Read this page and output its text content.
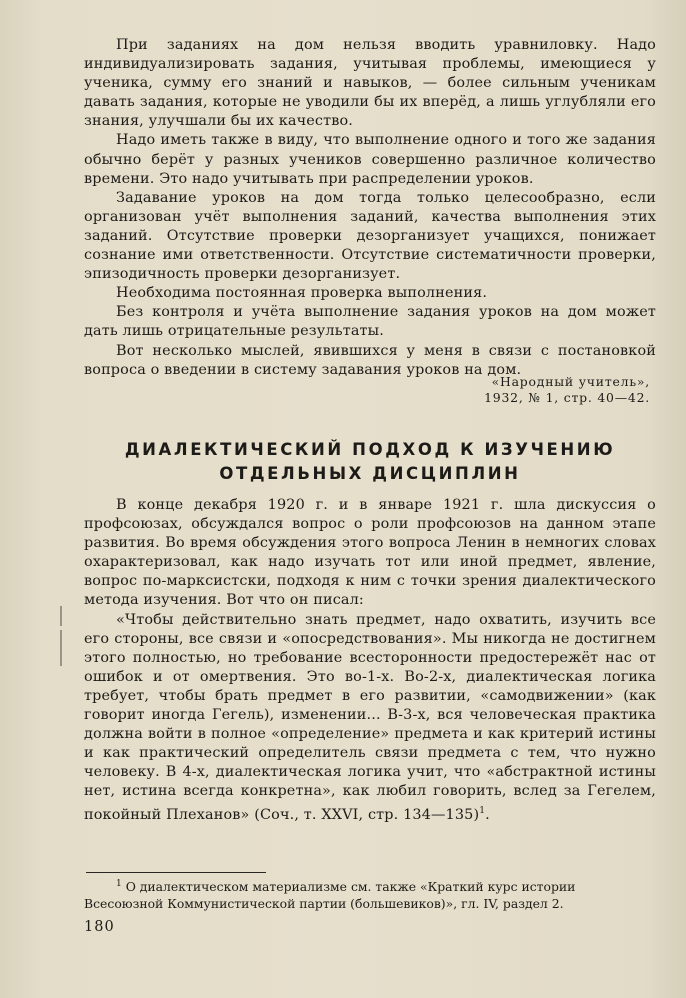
При заданиях на дом нельзя вводить уравниловку. Надо индивидуализировать задания, учитывая проблемы, имеющиеся у ученика, сумму его знаний и навыков, — более сильным ученикам давать задания, которые не уводили бы их вперёд, а лишь углубляли его знания, улучшали бы их качество.

Надо иметь также в виду, что выполнение одного и того же задания обычно берёт у разных учеников совершенно различное количество времени. Это надо учитывать при распределении уроков.

Задавание уроков на дом тогда только целесообразно, если организован учёт выполнения заданий, качества выполнения этих заданий. Отсутствие проверки дезорганизует учащихся, понижает сознание ими ответственности. Отсутствие систематичности проверки, эпизодичность проверки дезорганизует.

Необходима постоянная проверка выполнения.

Без контроля и учёта выполнение задания уроков на дом может дать лишь отрицательные результаты.

Вот несколько мыслей, явившихся у меня в связи с постановкой вопроса о введении в систему задавания уроков на дом.

«Народный учитель»,
1932, № 1, стр. 40—42.
ДИАЛЕКТИЧЕСКИЙ ПОДХОД К ИЗУЧЕНИЮ
ОТДЕЛЬНЫХ ДИСЦИПЛИН

В конце декабря 1920 г. и в январе 1921 г. шла дискуссия о профсоюзах, обсуждался вопрос о роли профсоюзов на данном этапе развития. Во время обсуждения этого вопроса Ленин в немногих словах охарактеризовал, как надо изучать тот или иной предмет, явление, вопрос по-марксистски, подходя к ним с точки зрения диалектического метода изучения. Вот что он писал:

«Чтобы действительно знать предмет, надо охватить, изучить все его стороны, все связи и «опосредствования». Мы никогда не достигнем этого полностью, но требование всесторонности предостережёт нас от ошибок и от омертвения. Это во-1-х. Во-2-х, диалектическая логика требует, чтобы брать предмет в его развитии, «самодвижении» (как говорит иногда Гегель), изменении... В-3-х, вся человеческая практика должна войти в полное «определение» предмета и как критерий истины и как практический определитель связи предмета с тем, что нужно человеку. В 4-х, диалектическая логика учит, что «абстрактной истины нет, истина всегда конкретна», как любил говорить, вслед за Гегелем, покойный Плеханов» (Соч., т. XXVI, стр. 134—135)$^1$.

$^1$ О диалектическом материализме см. также «Краткий курс истории Всесоюзной Коммунистической партии (большевиков)», гл. IV, раздел 2.
180
